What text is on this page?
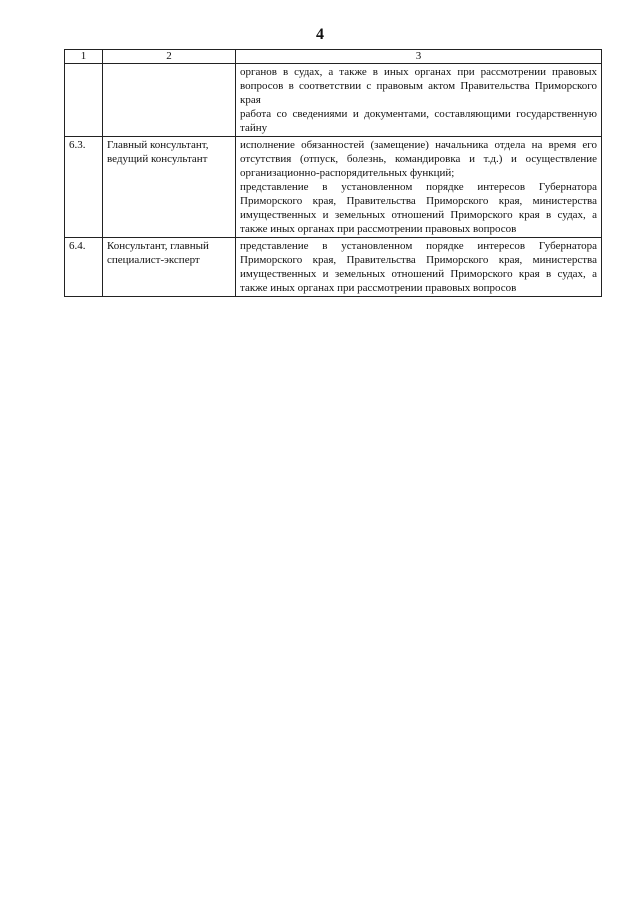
4
1	2	3

		органов в судах, а также в иных органах при рассмотрении правовых вопросов в соответствии с правовым актом Правительства Приморского края
работа со сведениями и документами, составляющими государственную тайну

6.3.	Главный консультант, ведущий консультант	исполнение обязанностей (замещение) начальника отдела на время его отсутствия (отпуск, болезнь, командировка и т.д.) и осуществление организационно-распорядительных функций;
представление в установленном порядке интересов Губернатора Приморского края, Правительства Приморского края, министерства имущественных и земельных отношений Приморского края в судах, а также иных органах при рассмотрении правовых вопросов

6.4.	Консультант, главный специалист-эксперт	представление в установленном порядке интересов Губернатора Приморского края, Правительства Приморского края, министерства имущественных и земельных отношений Приморского края в судах, а также иных органах при рассмотрении правовых вопросов
